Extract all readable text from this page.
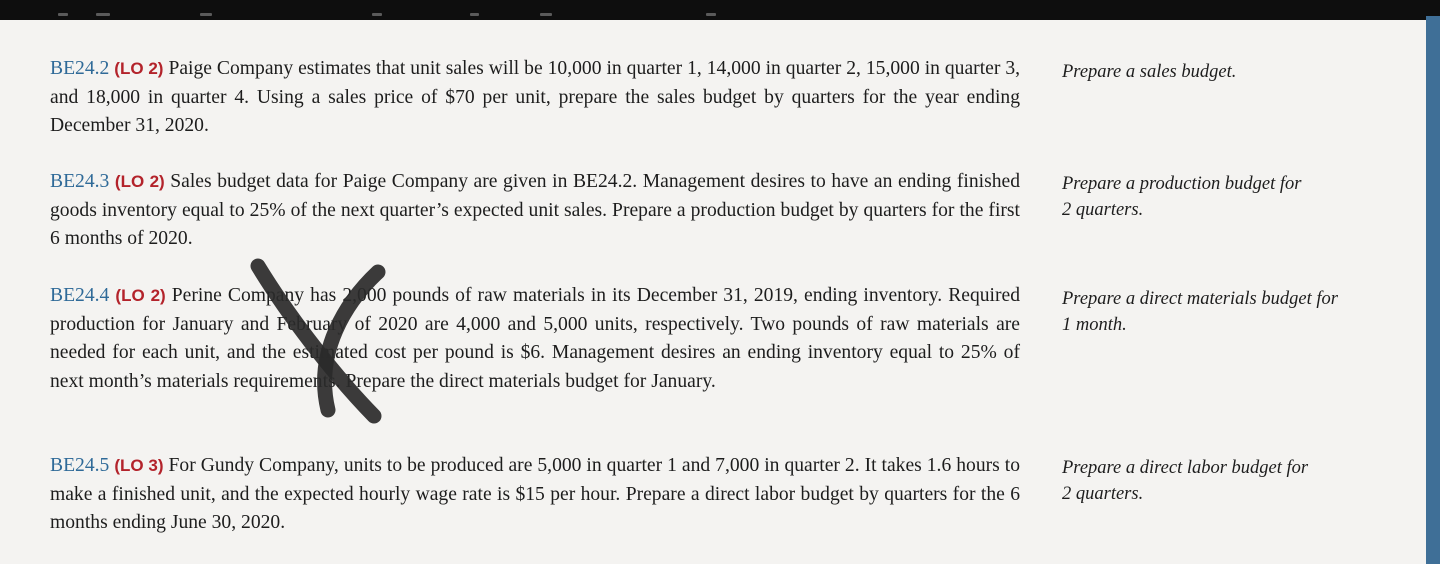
BE24.2 (LO 2) Paige Company estimates that unit sales will be 10,000 in quarter 1, 14,000 in quarter 2, 15,000 in quarter 3, and 18,000 in quarter 4. Using a sales price of $70 per unit, prepare the sales budget by quarters for the year ending December 31, 2020.

Prepare a sales budget.

BE24.3 (LO 2) Sales budget data for Paige Company are given in BE24.2. Management desires to have an ending finished goods inventory equal to 25% of the next quarter’s expected unit sales. Prepare a production budget by quarters for the first 6 months of 2020.

Prepare a production budget for
2 quarters.

BE24.4 (LO 2) Perine Company has 2,000 pounds of raw materials in its December 31, 2019, ending inventory. Required production for January and February of 2020 are 4,000 and 5,000 units, respectively. Two pounds of raw materials are needed for each unit, and the estimated cost per pound is $6. Management desires an ending inventory equal to 25% of next month’s materials requirements. Prepare the direct materials budget for January.

Prepare a direct materials budget for
1 month.

BE24.5 (LO 3) For Gundy Company, units to be produced are 5,000 in quarter 1 and 7,000 in quarter 2. It takes 1.6 hours to make a finished unit, and the expected hourly wage rate is $15 per hour. Prepare a direct labor budget by quarters for the 6 months ending June 30, 2020.

Prepare a direct labor budget for
2 quarters.
